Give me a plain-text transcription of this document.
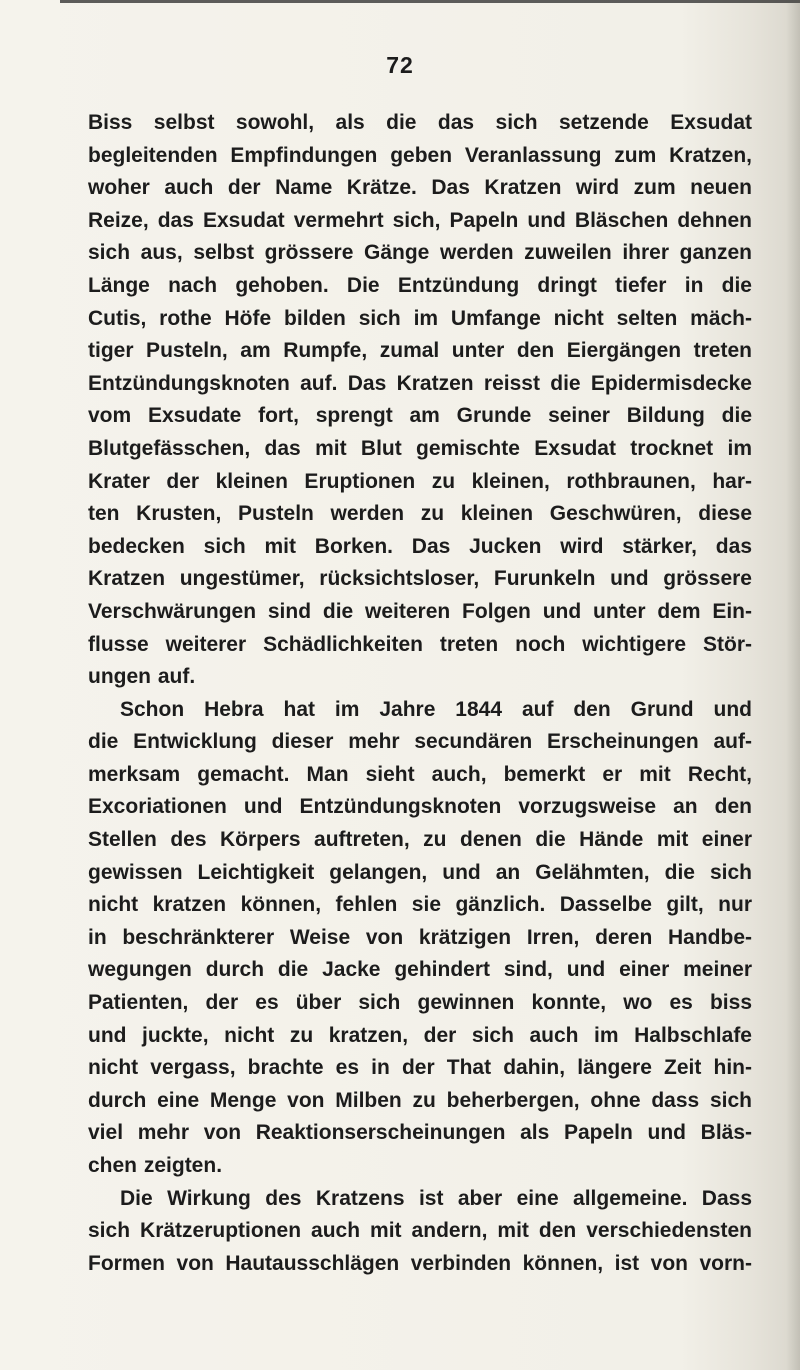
72
Biss selbst sowohl, als die das sich setzende Exsudat
begleitenden Empfindungen geben Veranlassung zum Kratzen,
woher auch der Name Krätze. Das Kratzen wird zum neuen
Reize, das Exsudat vermehrt sich, Papeln und Bläschen dehnen
sich aus, selbst grössere Gänge werden zuweilen ihrer ganzen
Länge nach gehoben. Die Entzündung dringt tiefer in die
Cutis, rothe Höfe bilden sich im Umfange nicht selten mäch-
tiger Pusteln, am Rumpfe, zumal unter den Eiergängen treten
Entzündungsknoten auf. Das Kratzen reisst die Epidermisdecke
vom Exsudate fort, sprengt am Grunde seiner Bildung die
Blutgefässchen, das mit Blut gemischte Exsudat trocknet im
Krater der kleinen Eruptionen zu kleinen, rothbraunen, har-
ten Krusten, Pusteln werden zu kleinen Geschwüren, diese
bedecken sich mit Borken. Das Jucken wird stärker, das
Kratzen ungestümer, rücksichtsloser, Furunkeln und grössere
Verschwärungen sind die weiteren Folgen und unter dem Ein-
flusse weiterer Schädlichkeiten treten noch wichtigere Stör-
ungen auf.
Schon Hebra hat im Jahre 1844 auf den Grund und
die Entwicklung dieser mehr secundären Erscheinungen auf-
merksam gemacht. Man sieht auch, bemerkt er mit Recht,
Excoriationen und Entzündungsknoten vorzugsweise an den
Stellen des Körpers auftreten, zu denen die Hände mit einer
gewissen Leichtigkeit gelangen, und an Gelähmten, die sich
nicht kratzen können, fehlen sie gänzlich. Dasselbe gilt, nur
in beschränkterer Weise von krätzigen Irren, deren Handbe-
wegungen durch die Jacke gehindert sind, und einer meiner
Patienten, der es über sich gewinnen konnte, wo es biss
und juckte, nicht zu kratzen, der sich auch im Halbschlafe
nicht vergass, brachte es in der That dahin, längere Zeit hin-
durch eine Menge von Milben zu beherbergen, ohne dass sich
viel mehr von Reaktionserscheinungen als Papeln und Bläs-
chen zeigten.
Die Wirkung des Kratzens ist aber eine allgemeine. Dass
sich Krätzeruptionen auch mit andern, mit den verschiedensten
Formen von Hautausschlägen verbinden können, ist von vorn-
